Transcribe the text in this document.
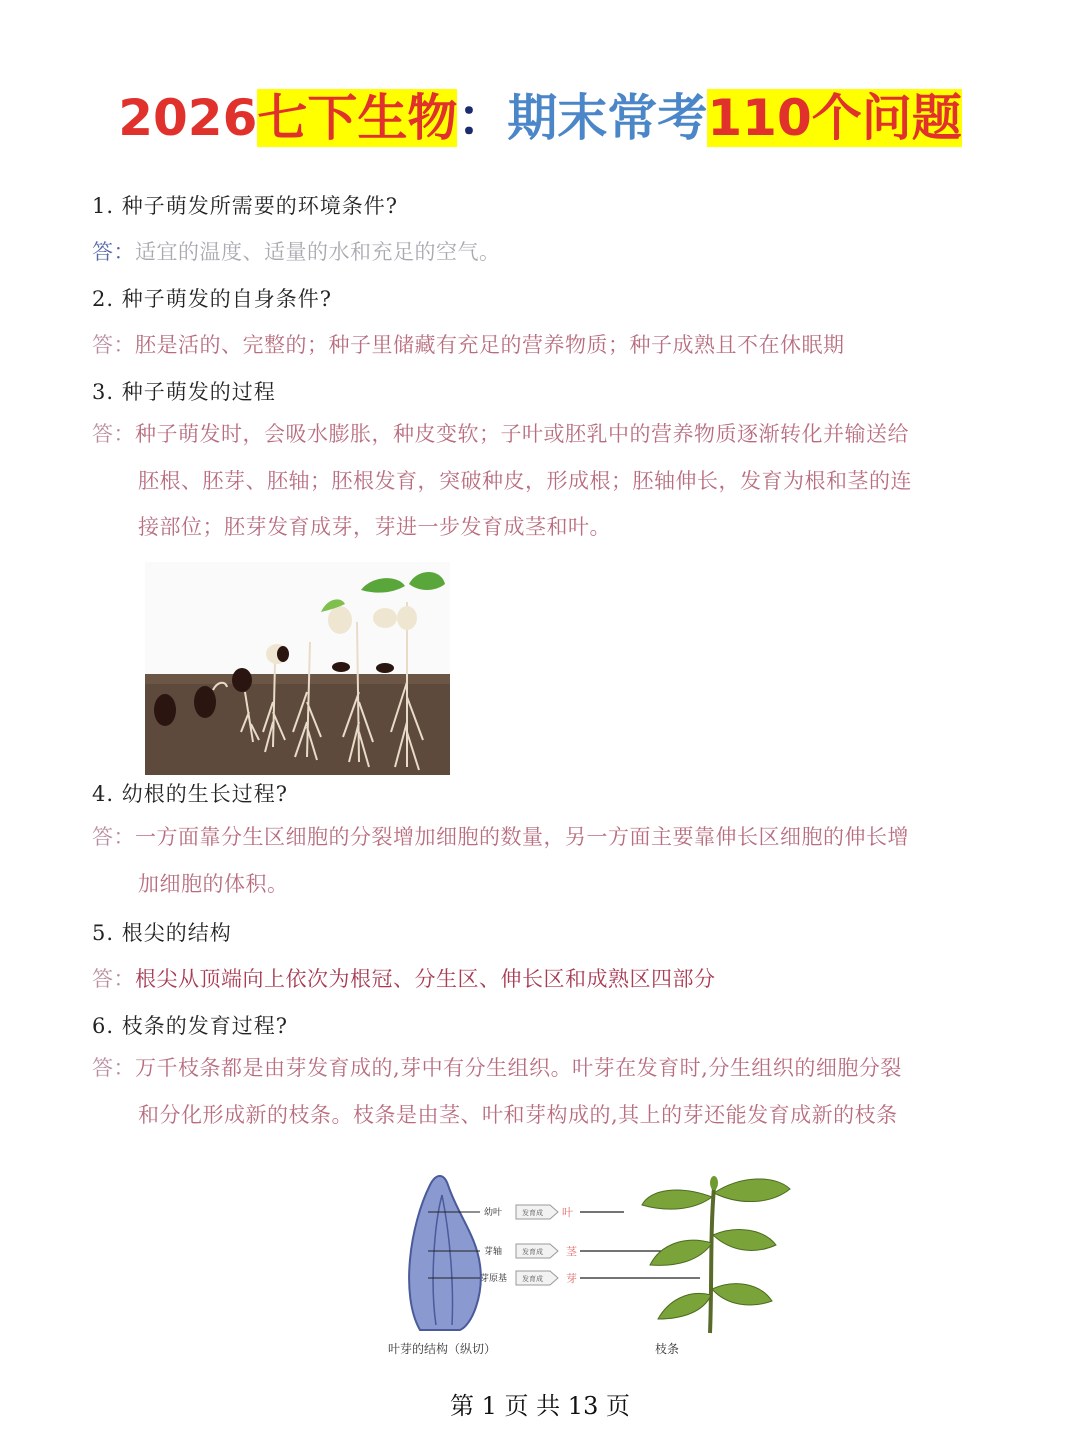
2026七下生物：期末常考110个问题
1. 种子萌发所需要的环境条件?
答：适宜的温度、适量的水和充足的空气。
2. 种子萌发的自身条件?
答：胚是活的、完整的；种子里储藏有充足的营养物质；种子成熟且不在休眠期
3. 种子萌发的过程
答：种子萌发时，会吸水膨胀，种皮变软；子叶或胚乳中的营养物质逐渐转化并输送给
胚根、胚芽、胚轴；胚根发育，突破种皮，形成根；胚轴伸长，发育为根和茎的连
接部位；胚芽发育成芽，芽进一步发育成茎和叶。
4. 幼根的生长过程?
答：一方面靠分生区细胞的分裂增加细胞的数量，另一方面主要靠伸长区细胞的伸长增
加细胞的体积。
5. 根尖的结构
答：根尖从顶端向上依次为根冠、分生区、伸长区和成熟区四部分
6. 枝条的发育过程?
答：万千枝条都是由芽发育成的,芽中有分生组织。叶芽在发育时,分生组织的细胞分裂
和分化形成新的枝条。枝条是由茎、叶和芽构成的,其上的芽还能发育成新的枝条
幼叶
芽轴
芽原基
发育成
发育成
发育成
叶
茎
芽
叶芽的结构（纵切）	枝条
第 1 页 共 13 页
